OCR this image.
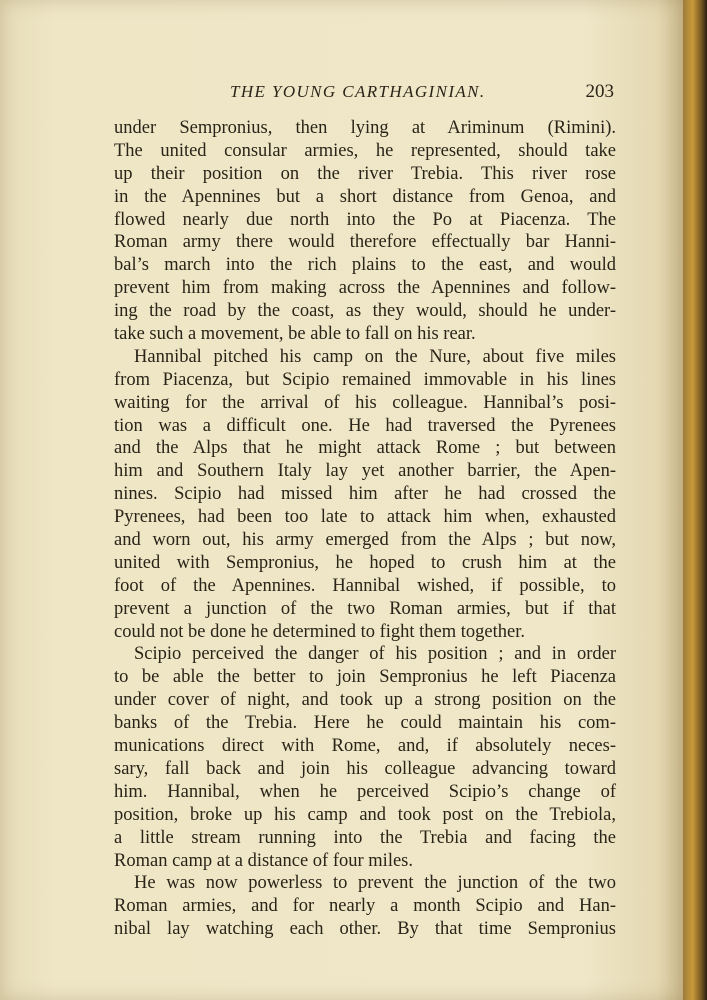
THE YOUNG CARTHAGINIAN.	203
under Sempronius, then lying at Ariminum (Rimini).
The united consular armies, he represented, should take
up their position on the river Trebia. This river rose
in the Apennines but a short distance from Genoa, and
flowed nearly due north into the Po at Piacenza. The
Roman army there would therefore effectually bar Hanni-
bal’s march into the rich plains to the east, and would
prevent him from making across the Apennines and follow-
ing the road by the coast, as they would, should he under-
take such a movement, be able to fall on his rear.
Hannibal pitched his camp on the Nure, about five miles
from Piacenza, but Scipio remained immovable in his lines
waiting for the arrival of his colleague. Hannibal’s posi-
tion was a difficult one. He had traversed the Pyrenees
and the Alps that he might attack Rome ; but between
him and Southern Italy lay yet another barrier, the Apen-
nines. Scipio had missed him after he had crossed the
Pyrenees, had been too late to attack him when, exhausted
and worn out, his army emerged from the Alps ; but now,
united with Sempronius, he hoped to crush him at the
foot of the Apennines. Hannibal wished, if possible, to
prevent a junction of the two Roman armies, but if that
could not be done he determined to fight them together.
Scipio perceived the danger of his position ; and in order
to be able the better to join Sempronius he left Piacenza
under cover of night, and took up a strong position on the
banks of the Trebia. Here he could maintain his com-
munications direct with Rome, and, if absolutely neces-
sary, fall back and join his colleague advancing toward
him. Hannibal, when he perceived Scipio’s change of
position, broke up his camp and took post on the Trebiola,
a little stream running into the Trebia and facing the
Roman camp at a distance of four miles.
He was now powerless to prevent the junction of the two
Roman armies, and for nearly a month Scipio and Han-
nibal lay watching each other. By that time Sempronius
